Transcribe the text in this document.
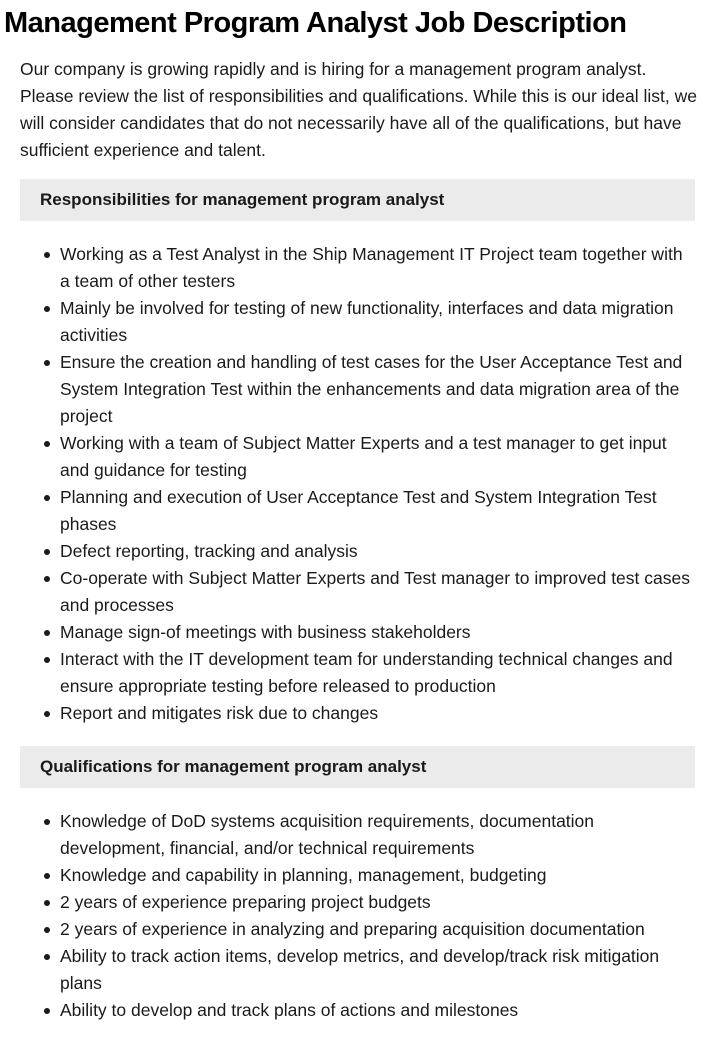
Management Program Analyst Job Description

Our company is growing rapidly and is hiring for a management program analyst. Please review the list of responsibilities and qualifications. While this is our ideal list, we will consider candidates that do not necessarily have all of the qualifications, but have sufficient experience and talent.

Responsibilities for management program analyst
Working as a Test Analyst in the Ship Management IT Project team together with a team of other testers
Mainly be involved for testing of new functionality, interfaces and data migration activities
Ensure the creation and handling of test cases for the User Acceptance Test and System Integration Test within the enhancements and data migration area of the project
Working with a team of Subject Matter Experts and a test manager to get input and guidance for testing
Planning and execution of User Acceptance Test and System Integration Test phases
Defect reporting, tracking and analysis
Co-operate with Subject Matter Experts and Test manager to improved test cases and processes
Manage sign-of meetings with business stakeholders
Interact with the IT development team for understanding technical changes and ensure appropriate testing before released to production
Report and mitigates risk due to changes
Qualifications for management program analyst
Knowledge of DoD systems acquisition requirements, documentation development, financial, and/or technical requirements
Knowledge and capability in planning, management, budgeting
2 years of experience preparing project budgets
2 years of experience in analyzing and preparing acquisition documentation
Ability to track action items, develop metrics, and develop/track risk mitigation plans
Ability to develop and track plans of actions and milestones
